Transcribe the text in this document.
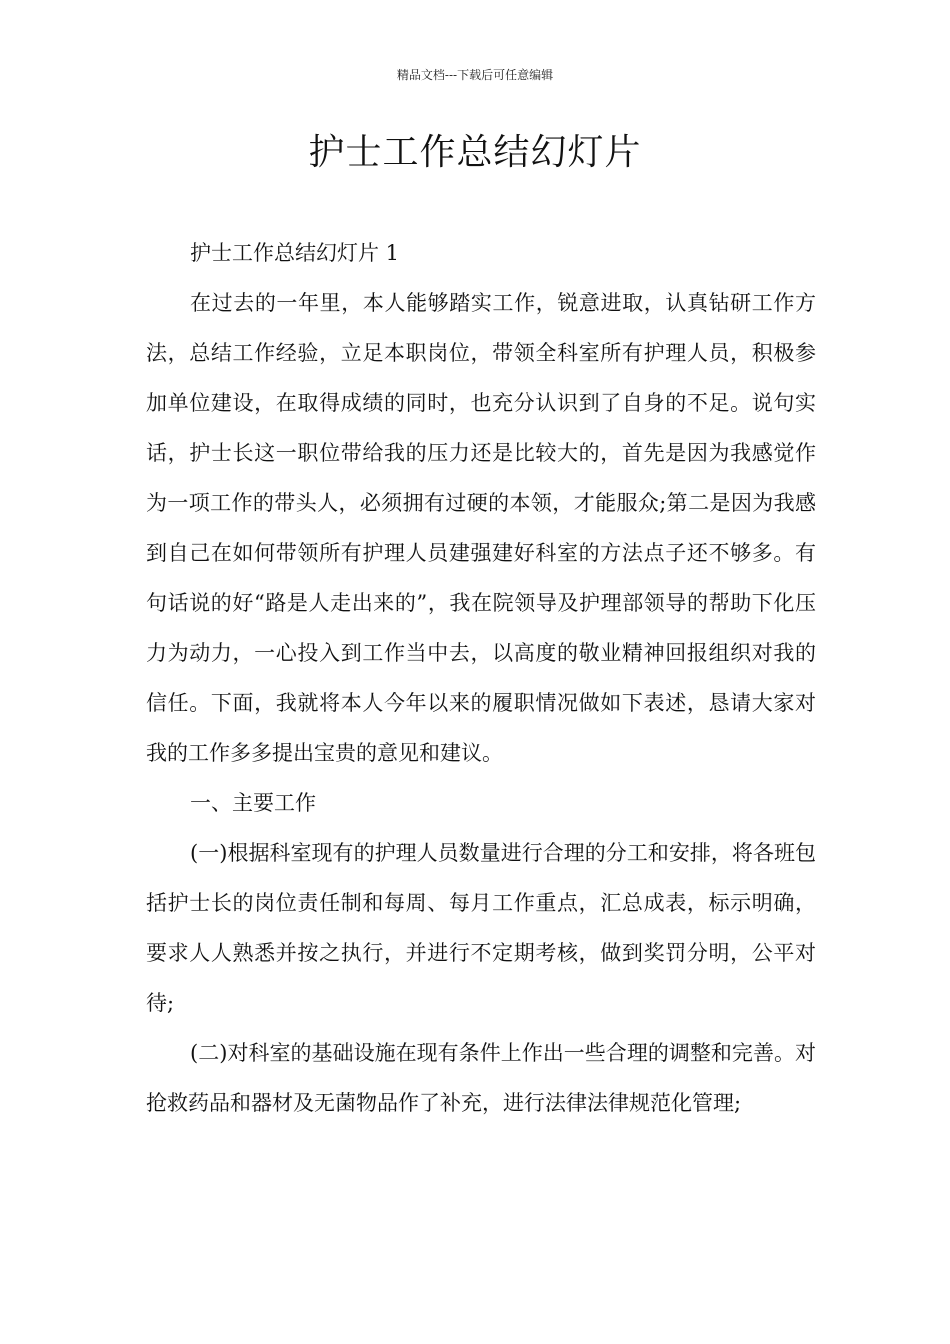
精品文档---下载后可任意编辑
护士工作总结幻灯片

护士工作总结幻灯片 1

在过去的一年里，本人能够踏实工作，锐意进取，认真钻研工作方法，总结工作经验，立足本职岗位，带领全科室所有护理人员，积极参加单位建设，在取得成绩的同时，也充分认识到了自身的不足。说句实话，护士长这一职位带给我的压力还是比较大的，首先是因为我感觉作为一项工作的带头人，必须拥有过硬的本领，才能服众;第二是因为我感到自己在如何带领所有护理人员建强建好科室的方法点子还不够多。有句话说的好“路是人走出来的”，我在院领导及护理部领导的帮助下化压力为动力，一心投入到工作当中去，以高度的敬业精神回报组织对我的信任。下面，我就将本人今年以来的履职情况做如下表述，恳请大家对我的工作多多提出宝贵的意见和建议。

一、主要工作

(一)根据科室现有的护理人员数量进行合理的分工和安排，将各班包括护士长的岗位责任制和每周、每月工作重点，汇总成表，标示明确，要求人人熟悉并按之执行，并进行不定期考核，做到奖罚分明，公平对待;

(二)对科室的基础设施在现有条件上作出一些合理的调整和完善。对抢救药品和器材及无菌物品作了补充，进行法律法律规范化管理;
